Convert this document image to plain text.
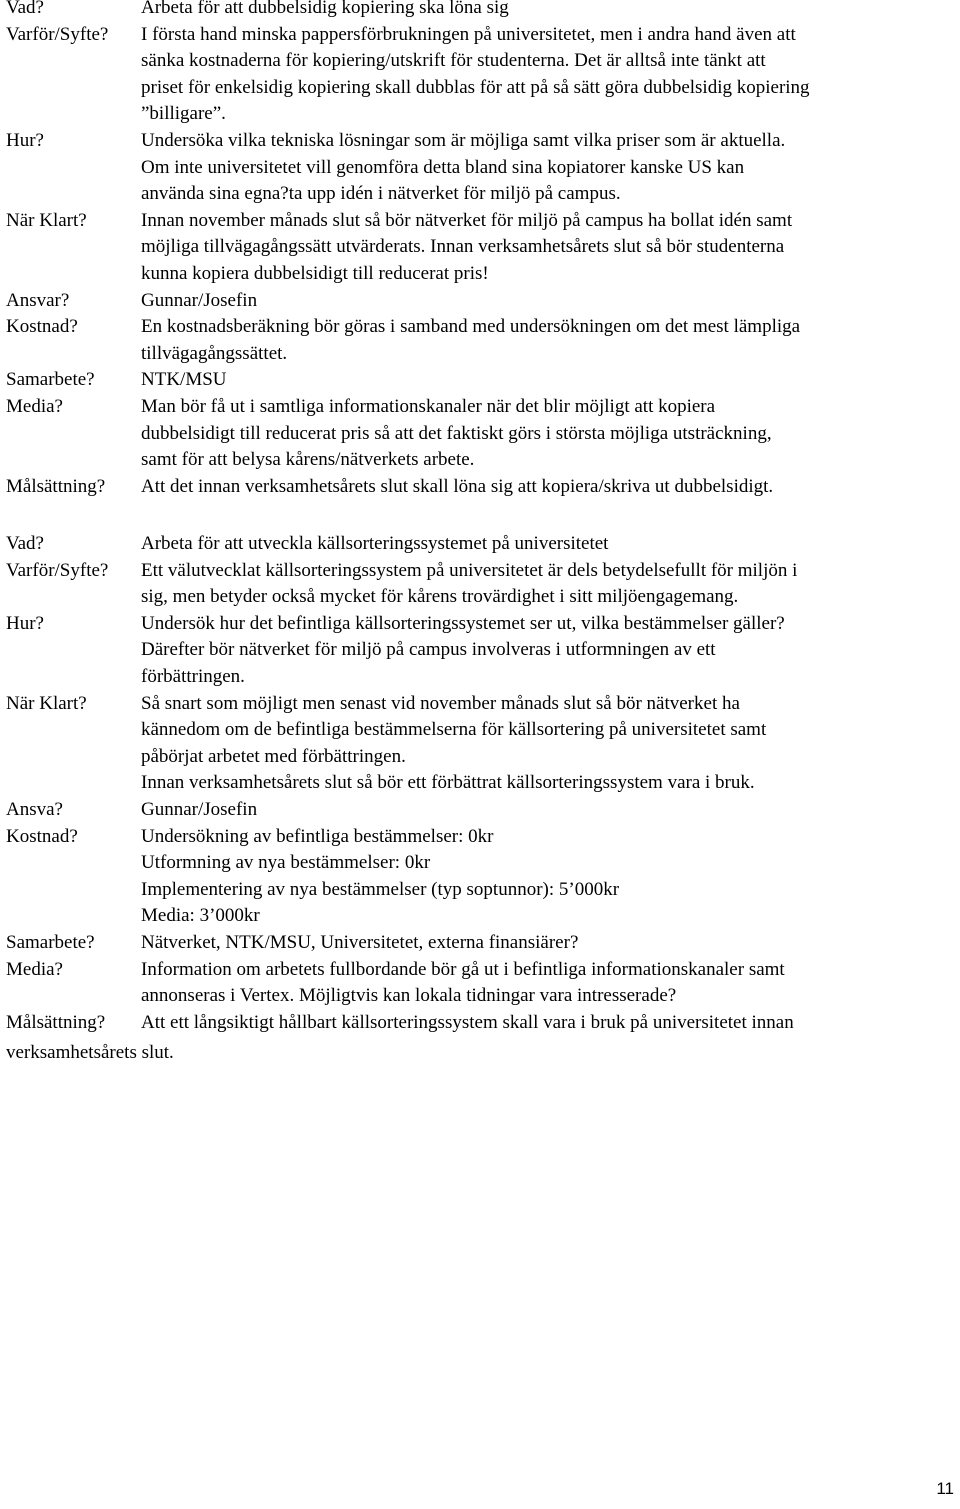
Vad?	Arbeta för att dubbelsidig kopiering ska löna sig
Varför/Syfte?	I första hand minska pappersförbrukningen på universitetet, men i andra hand även att
sänka kostnaderna för kopiering/utskrift för studenterna. Det är alltså inte tänkt att
priset för enkelsidig kopiering skall dubblas för att på så sätt göra dubbelsidig kopiering
”billigare”.
Hur?	Undersöka vilka tekniska lösningar som är möjliga samt vilka priser som är aktuella.
Om inte universitetet vill genomföra detta bland sina kopiatorer kanske US kan
använda sina egna?ta upp idén i nätverket för miljö på campus.
När Klart?	Innan november månads slut så bör nätverket för miljö på campus ha bollat idén samt
möjliga tillvägagångssätt utvärderats. Innan verksamhetsårets slut så bör studenterna
kunna kopiera dubbelsidigt till reducerat pris!
Ansvar?	Gunnar/Josefin
Kostnad?	En kostnadsberäkning bör göras i samband med undersökningen om det mest lämpliga
tillvägagångssättet.
Samarbete?	NTK/MSU
Media?	Man bör få ut i samtliga informationskanaler när det blir möjligt att kopiera
dubbelsidigt till reducerat pris så att det faktiskt görs i största möjliga utsträckning,
samt för att belysa kårens/nätverkets arbete.
Målsättning?	Att det innan verksamhetsårets slut skall löna sig att kopiera/skriva ut dubbelsidigt.
Vad?	Arbeta för att utveckla källsorteringssystemet på universitetet
Varför/Syfte?	Ett välutvecklat källsorteringssystem på universitetet är dels betydelsefullt för miljön i
sig, men betyder också mycket för kårens trovärdighet i sitt miljöengagemang.
Hur?	Undersök hur det befintliga källsorteringssystemet ser ut, vilka bestämmelser gäller?
Därefter bör nätverket för miljö på campus involveras i utformningen av ett
förbättringen.
När Klart?	Så snart som möjligt men senast vid november månads slut så bör nätverket ha
kännedom om de befintliga bestämmelserna för källsortering på universitetet samt
påbörjat arbetet med förbättringen.
Innan verksamhetsårets slut så bör ett förbättrat källsorteringssystem vara i bruk.
Ansva?	Gunnar/Josefin
Kostnad?	Undersökning av befintliga bestämmelser: 0kr
Utformning av nya bestämmelser: 0kr
Implementering av nya bestämmelser (typ soptunnor): 5’000kr
Media: 3’000kr
Samarbete?	Nätverket, NTK/MSU, Universitetet, externa finansiärer?
Media?	Information om arbetets fullbordande bör gå ut i befintliga informationskanaler samt
annonseras i Vertex. Möjligtvis kan lokala tidningar vara intresserade?
Målsättning?	Att ett långsiktigt hållbart källsorteringssystem skall vara i bruk på universitetet innan
verksamhetsårets slut.
11
